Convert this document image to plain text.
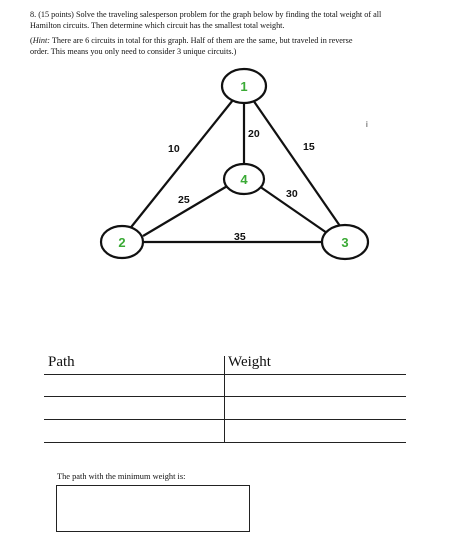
8. (15 points) Solve the traveling salesperson problem for the graph below by finding the total weight of all
Hamilton circuits. Then determine which circuit has the smallest total weight.

(Hint: There are 6 circuits in total for this graph. Half of them are the same, but traveled in reverse
order. This means you only need to consider 3 unique circuits.)

1
2	3
4
10	15
20
25	30
35
i
Path	Weight
The path with the minimum weight is:
